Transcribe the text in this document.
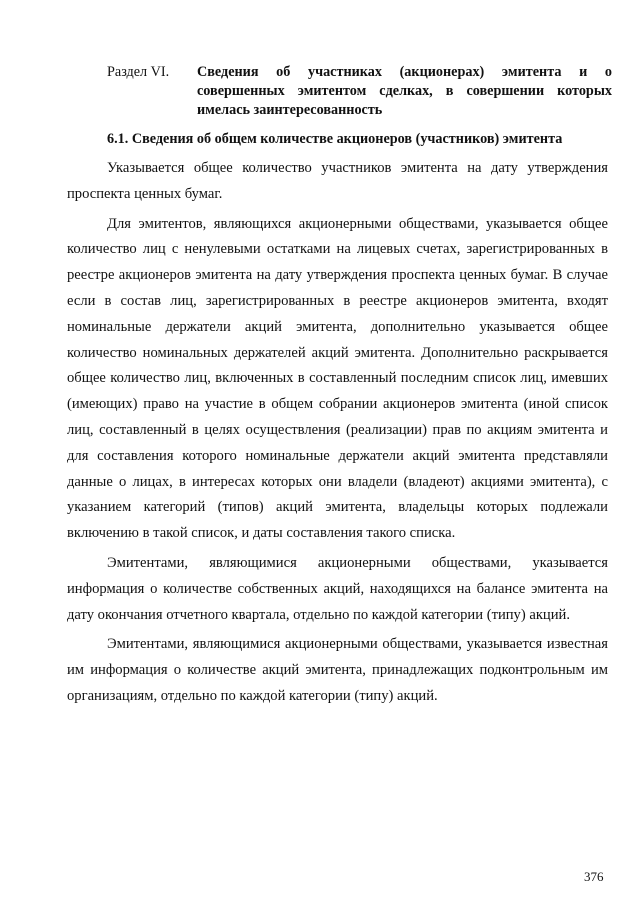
Раздел VI.	Сведения об участниках (акционерах) эмитента и о совершенных эмитентом сделках, в совершении которых имелась заинтересованность
6.1. Сведения об общем количестве акционеров (участников) эмитента

Указывается общее количество участников эмитента на дату утверждения проспекта ценных бумаг.

Для эмитентов, являющихся акционерными обществами, указывается общее количество лиц с ненулевыми остатками на лицевых счетах, зарегистрированных в реестре акционеров эмитента на дату утверждения проспекта ценных бумаг. В случае если в состав лиц, зарегистрированных в реестре акционеров эмитента, входят номинальные держатели акций эмитента, дополнительно указывается общее количество номинальных держателей акций эмитента. Дополнительно раскрывается общее количество лиц, включенных в составленный последним список лиц, имевших (имеющих) право на участие в общем собрании акционеров эмитента (иной список лиц, составленный в целях осуществления (реализации) прав по акциям эмитента и для составления которого номинальные держатели акций эмитента представляли данные о лицах, в интересах которых они владели (владеют) акциями эмитента), с указанием категорий (типов) акций эмитента, владельцы которых подлежали включению в такой список, и даты составления такого списка.

Эмитентами, являющимися акционерными обществами, указывается информация о количестве собственных акций, находящихся на балансе эмитента на дату окончания отчетного квартала, отдельно по каждой категории (типу) акций.

Эмитентами, являющимися акционерными обществами, указывается известная им информация о количестве акций эмитента, принадлежащих подконтрольным им организациям, отдельно по каждой категории (типу) акций.

376
